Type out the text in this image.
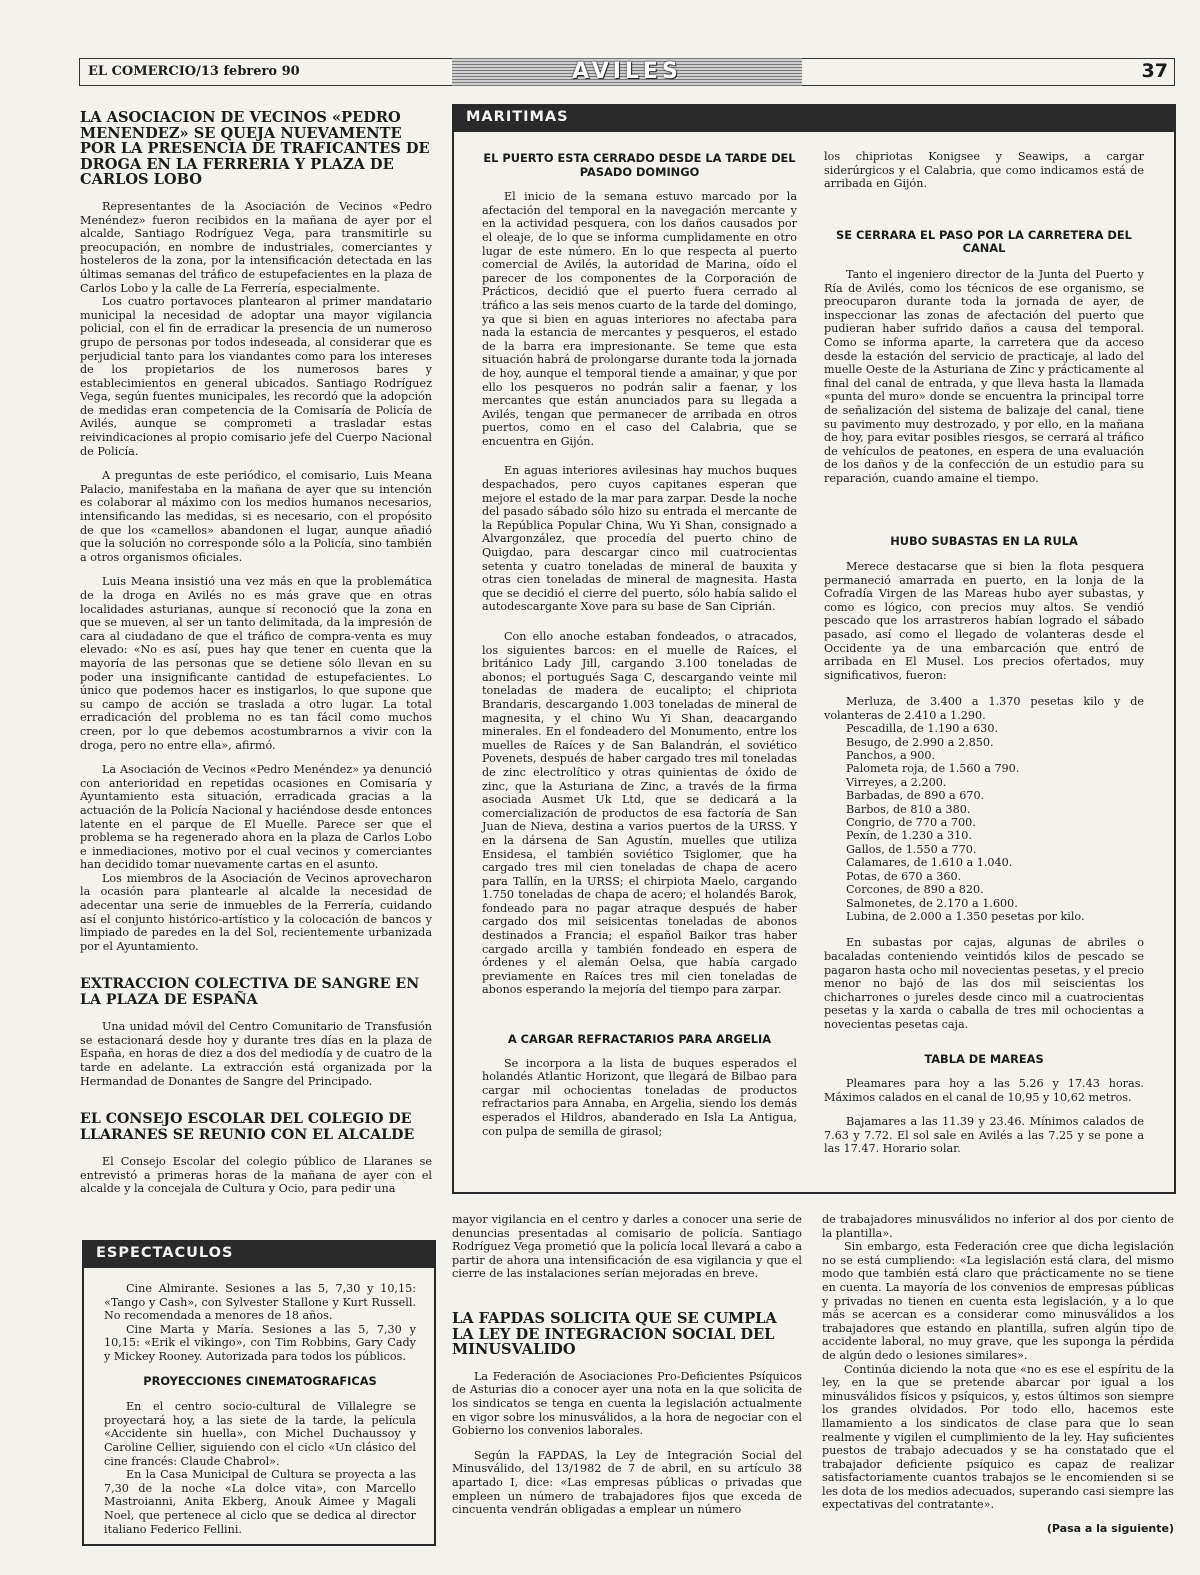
EL COMERCIO/13 febrero 90	AVILES	37
LA ASOCIACION DE VECINOS «PEDRO MENENDEZ» SE QUEJA NUEVAMENTE POR LA PRESENCIA DE TRAFICANTES DE DROGA EN LA FERRERIA Y PLAZA DE CARLOS LOBO

Representantes de la Asociación de Vecinos «Pedro Menéndez» fueron recibidos en la mañana de ayer por el alcalde, Santiago Rodríguez Vega, para transmitirle su preocupación, en nombre de industriales, comerciantes y hosteleros de la zona, por la intensificación detectada en las últimas semanas del tráfico de estupefacientes en la plaza de Carlos Lobo y la calle de La Ferrería, especialmente.

Los cuatro portavoces plantearon al primer mandatario municipal la necesidad de adoptar una mayor vigilancia policial, con el fin de erradicar la presencia de un numeroso grupo de personas por todos indeseada, al considerar que es perjudicial tanto para los viandantes como para los intereses de los propietarios de los numerosos bares y establecimientos en general ubicados. Santiago Rodríguez Vega, según fuentes municipales, les recordó que la adopción de medidas eran competencia de la Comisaría de Policía de Avilés, aunque se comprometi a trasladar estas reivindicaciones al propio comisario jefe del Cuerpo Nacional de Policía.

A preguntas de este periódico, el comisario, Luis Meana Palacio, manifestaba en la mañana de ayer que su intención es colaborar al máximo con los medios humanos necesarios, intensificando las medidas, si es necesario, con el propósito de que los «camellos» abandonen el lugar, aunque añadió que la solución no corresponde sólo a la Policía, sino también a otros organismos oficiales.

Luis Meana insistió una vez más en que la problemática de la droga en Avilés no es más grave que en otras localidades asturianas, aunque sí reconoció que la zona en que se mueven, al ser un tanto delimitada, da la impresión de cara al ciudadano de que el tráfico de compra-venta es muy elevado: «No es así, pues hay que tener en cuenta que la mayoría de las personas que se detiene sólo llevan en su poder una insignificante cantidad de estupefacientes. Lo único que podemos hacer es instigarlos, lo que supone que su campo de acción se traslada a otro lugar. La total erradicación del problema no es tan fácil como muchos creen, por lo que debemos acostumbrarnos a vivir con la droga, pero no entre ella», afirmó.

La Asociación de Vecinos «Pedro Menéndez» ya denunció con anterioridad en repetidas ocasiones en Comisaría y Ayuntamiento esta situación, erradicada gracias a la actuación de la Policía Nacional y haciéndose desde entonces latente en el parque de El Muelle. Parece ser que el problema se ha regenerado ahora en la plaza de Carlos Lobo e inmediaciones, motivo por el cual vecinos y comerciantes han decidido tomar nuevamente cartas en el asunto.

Los miembros de la Asociación de Vecinos aprovecharon la ocasión para plantearle al alcalde la necesidad de adecentar una serie de inmuebles de la Ferrería, cuidando así el conjunto histórico-artístico y la colocación de bancos y limpiado de paredes en la del Sol, recientemente urbanizada por el Ayuntamiento.

EXTRACCION COLECTIVA DE SANGRE EN LA PLAZA DE ESPAÑA

Una unidad móvil del Centro Comunitario de Transfusión se estacionará desde hoy y durante tres días en la plaza de España, en horas de diez a dos del mediodía y de cuatro de la tarde en adelante. La extracción está organizada por la Hermandad de Donantes de Sangre del Principado.

EL CONSEJO ESCOLAR DEL COLEGIO DE LLARANES SE REUNIO CON EL ALCALDE

El Consejo Escolar del colegio público de Llaranes se entrevistó a primeras horas de la mañana de ayer con el alcalde y la concejala de Cultura y Ocio, para pedir una

MARITIMAS
EL PUERTO ESTA CERRADO DESDE LA TARDE DEL PASADO DOMINGO

El inicio de la semana estuvo marcado por la afectación del temporal en la navegación mercante y en la actividad pesquera, con los daños causados por el oleaje, de lo que se informa cumplidamente en otro lugar de este número. En lo que respecta al puerto comercial de Avilés, la autoridad de Marina, oído el parecer de los componentes de la Corporación de Prácticos, decidió que el puerto fuera cerrado al tráfico a las seis menos cuarto de la tarde del domingo, ya que si bien en aguas interiores no afectaba para nada la estancia de mercantes y pesqueros, el estado de la barra era impresionante. Se teme que esta situación habrá de prolongarse durante toda la jornada de hoy, aunque el temporal tiende a amainar, y que por ello los pesqueros no podrán salir a faenar, y los mercantes que están anunciados para su llegada a Avilés, tengan que permanecer de arribada en otros puertos, como en el caso del Calabria, que se encuentra en Gijón.

En aguas interiores avilesinas hay muchos buques despachados, pero cuyos capitanes esperan que mejore el estado de la mar para zarpar. Desde la noche del pasado sábado sólo hizo su entrada el mercante de la República Popular China, Wu Yi Shan, consignado a Alvargonzález, que procedía del puerto chino de Quigdao, para descargar cinco mil cuatrocientas setenta y cuatro toneladas de mineral de bauxita y otras cien toneladas de mineral de magnesita. Hasta que se decidió el cierre del puerto, sólo había salido el autodescargante Xove para su base de San Ciprián.

Con ello anoche estaban fondeados, o atracados, los siguientes barcos: en el muelle de Raíces, el británico Lady Jill, cargando 3.100 toneladas de abonos; el portugués Saga C, descargando veinte mil toneladas de madera de eucalipto; el chipriota Brandaris, descargando 1.003 toneladas de mineral de magnesita, y el chino Wu Yi Shan, deacargando minerales. En el fondeadero del Monumento, entre los muelles de Raíces y de San Balandrán, el soviético Povenets, después de haber cargado tres mil toneladas de zinc electrolítico y otras quinientas de óxido de zinc, que la Asturiana de Zinc, a través de la firma asociada Ausmet Uk Ltd, que se dedicará a la comercialización de productos de esa factoría de San Juan de Nieva, destina a varios puertos de la URSS. Y en la dársena de San Agustín, muelles que utiliza Ensidesa, el también soviético Tsiglomer, que ha cargado tres mil cien toneladas de chapa de acero para Tallín, en la URSS; el chirpiota Maelo, cargando 1.750 toneladas de chapa de acero; el holandés Barok, fondeado para no pagar atraque después de haber cargado dos mil seisicentas toneladas de abonos destinados a Francia; el español Baikor tras haber cargado arcilla y también fondeado en espera de órdenes y el alemán Oelsa, que había cargado previamente en Raíces tres mil cien toneladas de abonos esperando la mejoría del tiempo para zarpar.

A CARGAR REFRACTARIOS PARA ARGELIA

Se incorpora a la lista de buques esperados el holandés Atlantic Horizont, que llegará de Bilbao para cargar mil ochocientas toneladas de productos refractarios para Annaba, en Argelia, siendo los demás esperados el Hildros, abanderado en Isla La Antigua, con pulpa de semilla de girasol;

los chipriotas Konigsee y Seawips, a cargar siderúrgicos y el Calabria, que como indicamos está de arribada en Gijón.

SE CERRARA EL PASO POR LA CARRETERA DEL CANAL

Tanto el ingeniero director de la Junta del Puerto y Ría de Avilés, como los técnicos de ese organismo, se preocuparon durante toda la jornada de ayer, de inspeccionar las zonas de afectación del puerto que pudieran haber sufrido daños a causa del temporal. Como se informa aparte, la carretera que da acceso desde la estación del servicio de practicaje, al lado del muelle Oeste de la Asturiana de Zinc y prácticamente al final del canal de entrada, y que lleva hasta la llamada «punta del muro» donde se encuentra la principal torre de señalización del sistema de balizaje del canal, tiene su pavimento muy destrozado, y por ello, en la mañana de hoy, para evitar posibles riesgos, se cerrará al tráfico de vehículos de peatones, en espera de una evaluación de los daños y de la confección de un estudio para su reparación, cuando amaine el tiempo.

HUBO SUBASTAS EN LA RULA

Merece destacarse que si bien la flota pesquera permaneció amarrada en puerto, en la lonja de la Cofradía Virgen de las Mareas hubo ayer subastas, y como es lógico, con precios muy altos. Se vendió pescado que los arrastreros habían logrado el sábado pasado, así como el llegado de volanteras desde el Occidente ya de una embarcación que entró de arribada en El Musel. Los precios ofertados, muy significativos, fueron:

Merluza, de 3.400 a 1.370 pesetas kilo y de volanteras de 2.410 a 1.290.
Pescadilla, de 1.190 a 630.
Besugo, de 2.990 a 2.850.
Panchos, a 900.
Palometa roja, de 1.560 a 790.
Virreyes, a 2.200.
Barbadas, de 890 a 670.
Barbos, de 810 a 380.
Congrio, de 770 a 700.
Pexín, de 1.230 a 310.
Gallos, de 1.550 a 770.
Calamares, de 1.610 a 1.040.
Potas, de 670 a 360.
Corcones, de 890 a 820.
Salmonetes, de 2.170 a 1.600.
Lubina, de 2.000 a 1.350 pesetas por kilo.

En subastas por cajas, algunas de abriles o bacaladas conteniendo veintidós kilos de pescado se pagaron hasta ocho mil novecientas pesetas, y el precio menor no bajó de las dos mil seiscientas los chicharrones o jureles desde cinco mil a cuatrocientas pesetas y la xarda o caballa de tres mil ochocientas a novecientas pesetas caja.

TABLA DE MAREAS

Pleamares para hoy a las 5.26 y 17.43 horas. Máximos calados en el canal de 10,95 y 10,62 metros.

Bajamares a las 11.39 y 23.46. Mínimos calados de 7.63 y 7.72. El sol sale en Avilés a las 7.25 y se pone a las 17.47. Horario solar.

ESPECTACULOS

Cine Almirante. Sesiones a las 5, 7,30 y 10,15: «Tango y Cash», con Sylvester Stallone y Kurt Russell. No recomendada a menores de 18 años.

Cine Marta y María. Sesiones a las 5, 7,30 y 10,15: «Erik el vikingo», con Tim Robbins, Gary Cady y Mickey Rooney. Autorizada para todos los públicos.

PROYECCIONES CINEMATOGRAFICAS

En el centro socio-cultural de Villalegre se proyectará hoy, a las siete de la tarde, la película «Accidente sin huella», con Michel Duchaussoy y Caroline Cellier, siguiendo con el ciclo «Un clásico del cine francés: Claude Chabrol».

En la Casa Municipal de Cultura se proyecta a las 7,30 de la noche «La dolce vita», con Marcello Mastroianni, Anita Ekberg, Anouk Aimee y Magali Noel, que pertenece al ciclo que se dedica al director italiano Federico Fellini.

mayor vigilancia en el centro y darles a conocer una serie de denuncias presentadas al comisario de policía. Santiago Rodríguez Vega prometió que la policía local llevará a cabo a partir de ahora una intensificación de esa vigilancia y que el cierre de las instalaciones serían mejoradas en breve.

LA FAPDAS SOLICITA QUE SE CUMPLA LA LEY DE INTEGRACION SOCIAL DEL MINUSVALIDO

La Federación de Asociaciones Pro-Deficientes Psíquicos de Asturias dio a conocer ayer una nota en la que solicita de los sindicatos se tenga en cuenta la legislación actualmente en vigor sobre los minusválidos, a la hora de negociar con el Gobierno los convenios laborales.

Según la FAPDAS, la Ley de Integración Social del Minusválido, del 13/1982 de 7 de abril, en su artículo 38 apartado I, dice: «Las empresas públicas o privadas que empleen un número de trabajadores fijos que exceda de cincuenta vendrán obligadas a emplear un número

de trabajadores minusválidos no inferior al dos por ciento de la plantilla».

Sin embargo, esta Federación cree que dicha legislación no se está cumpliendo: «La legislación está clara, del mismo modo que también está claro que prácticamente no se tiene en cuenta. La mayoría de los convenios de empresas públicas y privadas no tienen en cuenta esta legislación, y a lo que más se acercan es a considerar como minusválidos a los trabajadores que estando en plantilla, sufren algún tipo de accidente laboral, no muy grave, que les suponga la pérdida de algún dedo o lesiones similares».

Continúa diciendo la nota que «no es ese el espíritu de la ley, en la que se pretende abarcar por igual a los minusválidos físicos y psíquicos, y, estos últimos son siempre los grandes olvidados. Por todo ello, hacemos este llamamiento a los sindicatos de clase para que lo sean realmente y vigilen el cumplimiento de la ley. Hay suficientes puestos de trabajo adecuados y se ha constatado que el trabajador deficiente psíquico es capaz de realizar satisfactoriamente cuantos trabajos se le encomienden si se les dota de los medios adecuados, superando casi siempre las expectativas del contratante».

(Pasa a la siguiente)
